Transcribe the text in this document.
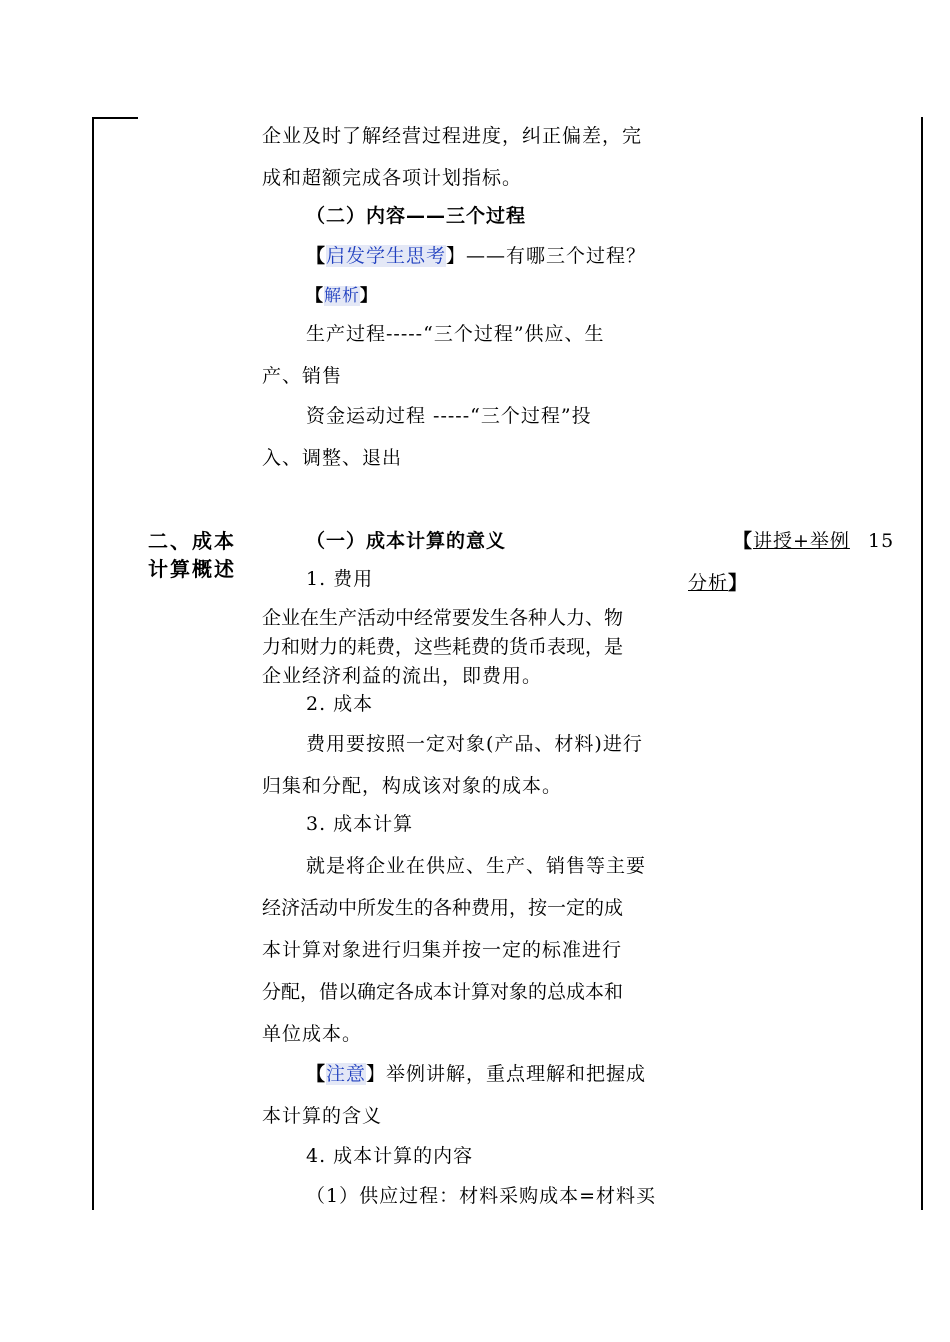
企业及时了解经营过程进度，纠正偏差，完
成和超额完成各项计划指标。
（二）内容——三个过程
【启发学生思考】——有哪三个过程？
【解析】
生产过程-----“三个过程”供应、生
产、销售
资金运动过程 -----“三个过程”投
入、调整、退出
二、成本
计算概述
【讲授+举例 15
分析】
（一）成本计算的意义
1. 费用
企业在生产活动中经常要发生各种人力、物
力和财力的耗费，这些耗费的货币表现，是
企业经济利益的流出，即费用。
2. 成本
费用要按照一定对象(产品、材料)进行
归集和分配，构成该对象的成本。
3. 成本计算
就是将企业在供应、生产、销售等主要
经济活动中所发生的各种费用，按一定的成
本计算对象进行归集并按一定的标准进行
分配，借以确定各成本计算对象的总成本和
单位成本。
【注意】举例讲解，重点理解和把握成
本计算的含义
4. 成本计算的内容
（1）供应过程：材料采购成本=材料买
